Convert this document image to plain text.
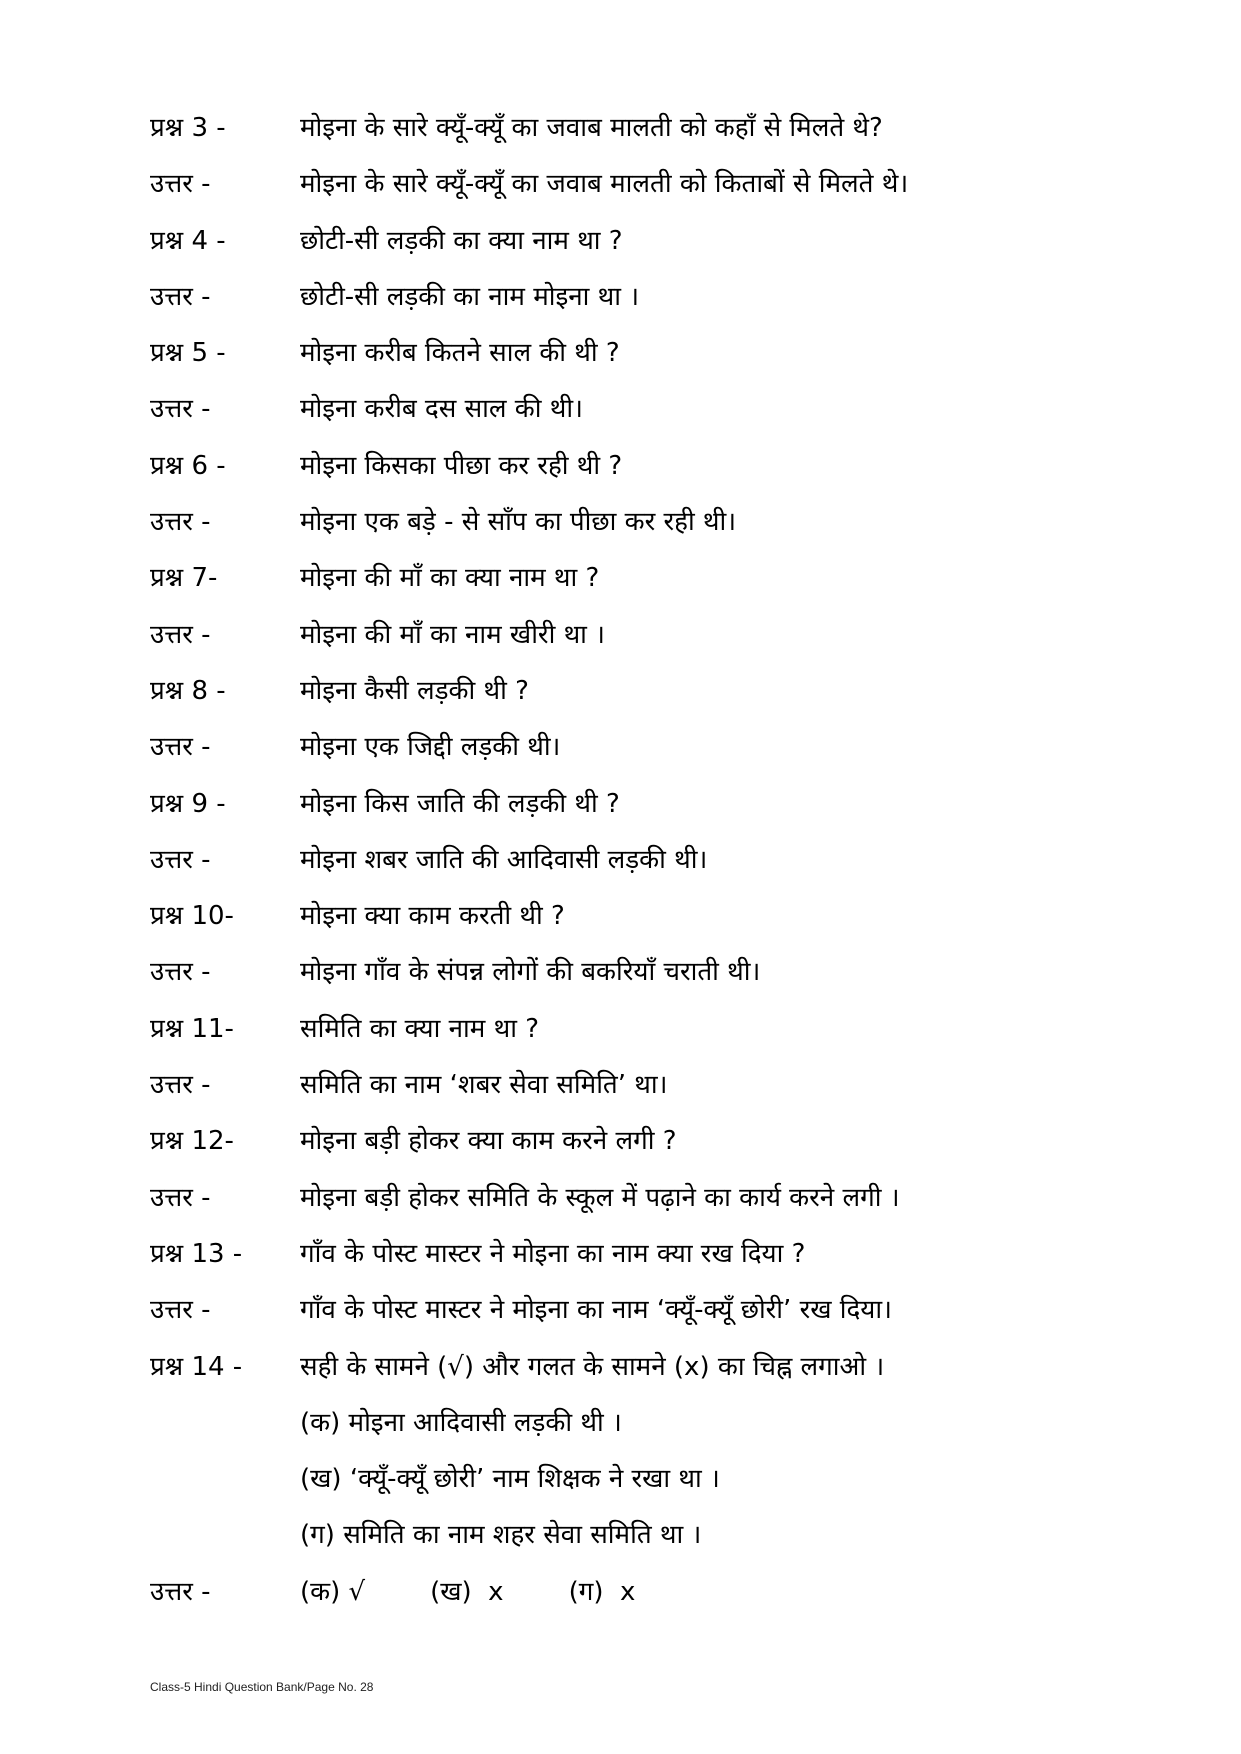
प्रश्न 3 -	मोइना के सारे क्यूँ-क्यूँ का जवाब मालती को कहाँ से मिलते थे?
उत्तर -	मोइना के सारे क्यूँ-क्यूँ का जवाब मालती को किताबों से मिलते थे।
प्रश्न 4 -	छोटी-सी लड़की का क्या नाम था ?
उत्तर -	छोटी-सी लड़की का नाम मोइना था ।
प्रश्न 5 -	मोइना करीब कितने साल की थी ?
उत्तर -	मोइना करीब दस साल की थी।
प्रश्न 6 -	मोइना किसका पीछा कर रही थी ?
उत्तर -	मोइना एक बड़े - से साँप का पीछा कर रही थी।
प्रश्न 7-	मोइना की माँ का क्या नाम था ?
उत्तर -	मोइना की माँ का नाम खीरी था ।
प्रश्न 8 -	मोइना कैसी लड़की थी ?
उत्तर -	मोइना एक जिद्दी लड़की थी।
प्रश्न 9 -	मोइना किस जाति की लड़की थी ?
उत्तर -	मोइना शबर जाति की आदिवासी लड़की थी।
प्रश्न 10-	मोइना क्या काम करती थी ?
उत्तर -	मोइना गाँव के संपन्न लोगों की बकरियाँ चराती थी।
प्रश्न 11-	समिति का क्या नाम था ?
उत्तर -	समिति का नाम ‘शबर सेवा समिति’ था।
प्रश्न 12-	मोइना बड़ी होकर क्या काम करने लगी ?
उत्तर -	मोइना बड़ी होकर समिति के स्कूल में पढ़ाने का कार्य करने लगी ।
प्रश्न 13 -	गाँव के पोस्ट मास्टर ने मोइना का नाम क्या रख दिया ?
उत्तर -	गाँव के पोस्ट मास्टर ने मोइना का नाम ‘क्यूँ-क्यूँ छोरी’ रख दिया।
प्रश्न 14 -	सही के सामने (√) और गलत के सामने (x) का चिह्न लगाओ ।
(क) मोइना आदिवासी लड़की थी ।
(ख) ‘क्यूँ-क्यूँ छोरी’ नाम शिक्षक ने रखा था ।
(ग) समिति का नाम शहर सेवा समिति था ।
उत्तर -	(क) √	(ख)  x	(ग)  x
Class-5 Hindi Question Bank/Page No. 28
